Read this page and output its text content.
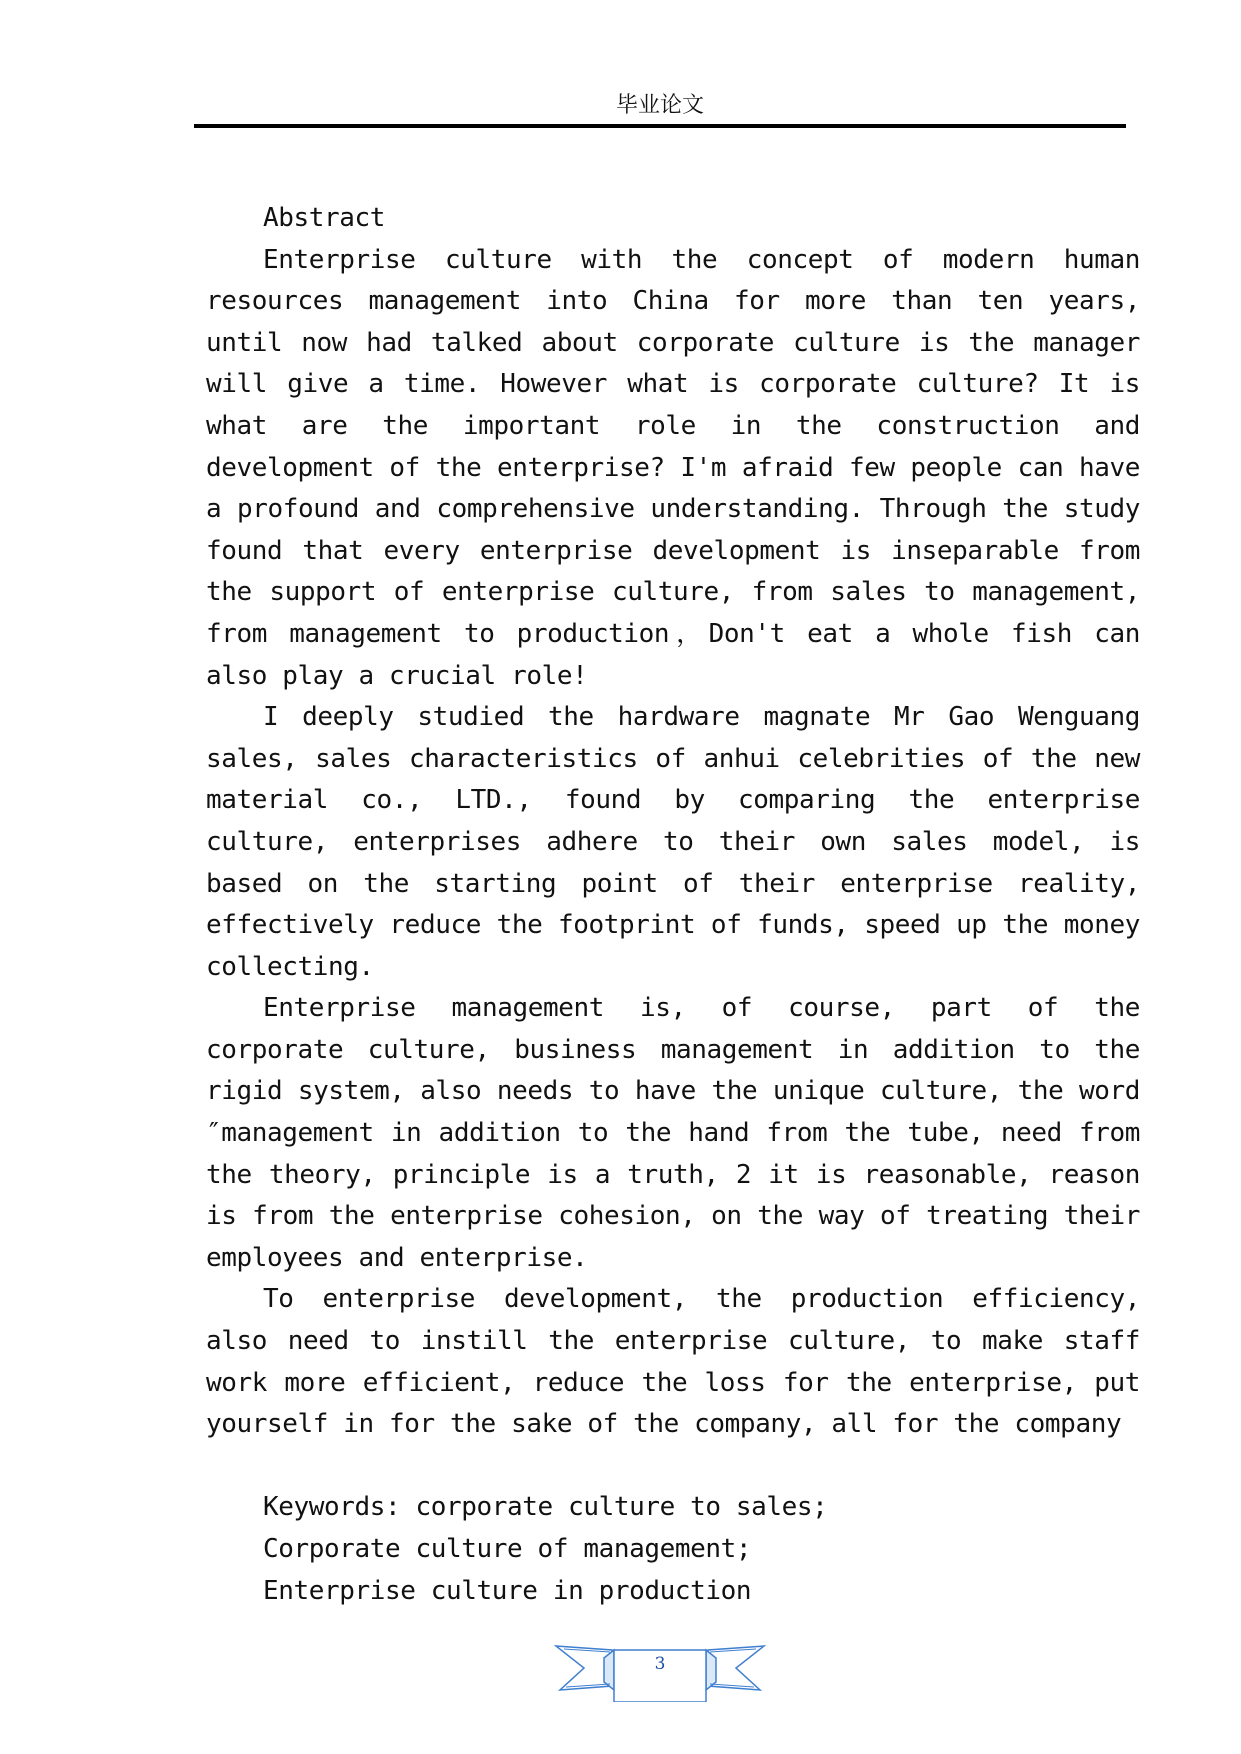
毕业论文

Abstract

Enterprise culture with the concept of modern human resources management into China for more than ten years, until now had talked about corporate culture is the manager will give a time. However what is corporate culture? It is what are the important role in the construction and development of the enterprise? I'm afraid few people can have a profound and comprehensive understanding. Through the study found that every enterprise development is inseparable from the support of enterprise culture, from sales to management, from management to production，Don't eat a whole fish can also play a crucial role!

I deeply studied the hardware magnate Mr Gao Wenguang sales, sales characteristics of anhui celebrities of the new material co., LTD., found by comparing the enterprise culture, enterprises adhere to their own sales model, is based on the starting point of their enterprise reality, effectively reduce the footprint of funds, speed up the money collecting.

Enterprise management is, of course, part of the corporate culture, business management in addition to the rigid system, also needs to have the unique culture, the word ″management in addition to the hand from the tube, need from the theory, principle is a truth, 2 it is reasonable, reason is from the enterprise cohesion, on the way of treating their employees and enterprise.

To enterprise development, the production efficiency, also need to instill the enterprise culture, to make staff work more efficient, reduce the loss for the enterprise, put yourself in for the sake of the company, all for the company

Keywords: corporate culture to sales;

Corporate culture of management;

Enterprise culture in production

3
